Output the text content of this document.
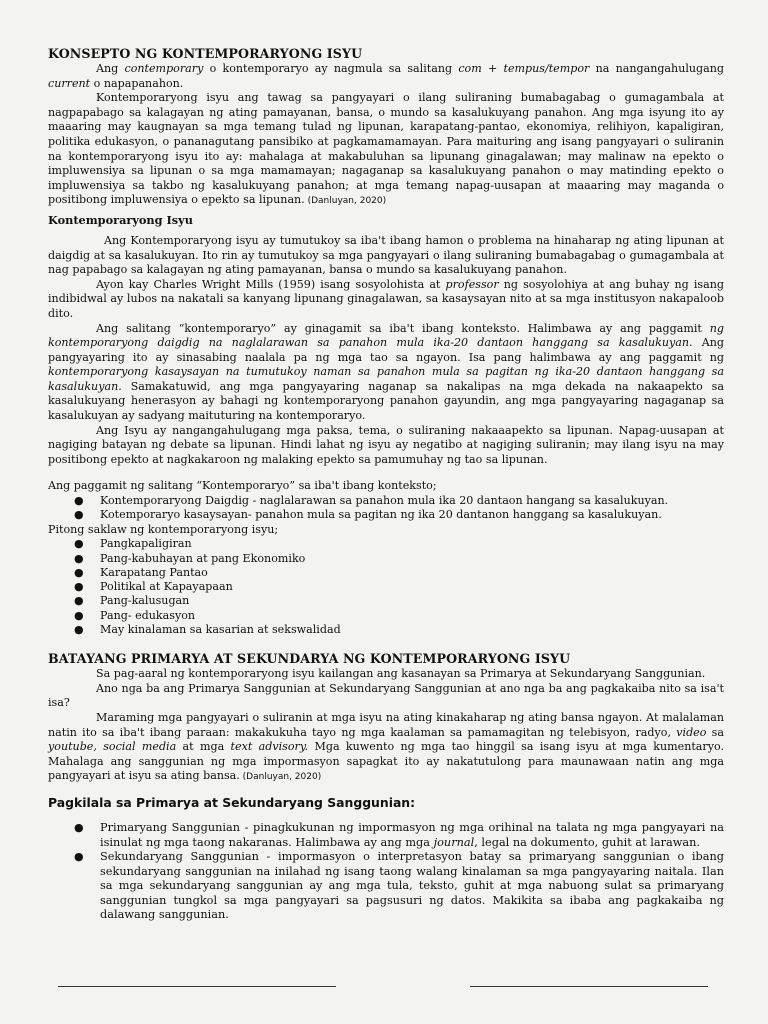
KONSEPTO NG KONTEMPORARYONG ISYU

Ang contemporary o kontemporaryo ay nagmula sa salitang com + tempus/tempor na nangangahulugang current o napapanahon.

Kontemporaryong isyu ang tawag sa pangyayari o ilang suliraning bumabagabag o gumagambala at nagpapabago sa kalagayan ng ating pamayanan, bansa, o mundo sa kasalukuyang panahon. Ang mga isyung ito ay maaaring may kaugnayan sa mga temang tulad ng lipunan, karapatang-pantao, ekonomiya, relihiyon, kapaligiran, politika edukasyon, o pananagutang pansibiko at pagkamamamayan. Para maituring ang isang pangyayari o suliranin na kontemporaryong isyu ito ay: mahalaga at makabuluhan sa lipunang ginagalawan; may malinaw na epekto o impluwensiya sa lipunan o sa mga mamamayan; nagaganap sa kasalukuyang panahon o may matinding epekto o impluwensiya sa takbo ng kasalukuyang panahon; at mga temang napag-uusapan at maaaring may maganda o positibong impluwensiya o epekto sa lipunan. (Danluyan, 2020)

Kontemporaryong Isyu

Ang Kontemporaryong isyu ay tumutukoy sa iba't ibang hamon o problema na hinaharap ng ating lipunan at daigdig at sa kasalukuyan. Ito rin ay tumutukoy sa mga pangyayari o ilang suliraning bumabagabag o gumagambala at nag papabago sa kalagayan ng ating pamayanan, bansa o mundo sa kasalukuyang panahon.

Ayon kay Charles Wright Mills (1959) isang sosyolohista at professor ng sosyolohiya at ang buhay ng isang indibidwal ay lubos na nakatali sa kanyang lipunang ginagalawan, sa kasaysayan nito at sa mga institusyon nakapaloob dito.

Ang salitang “kontemporaryo” ay ginagamit sa iba't ibang konteksto. Halimbawa ay ang paggamit ng kontemporaryong daigdig na naglalarawan sa panahon mula ika-20 dantaon hanggang sa kasalukuyan. Ang pangyayaring ito ay sinasabing naalala pa ng mga tao sa ngayon. Isa pang halimbawa ay ang paggamit ng kontemporaryong kasaysayan na tumutukoy naman sa panahon mula sa pagitan ng ika-20 dantaon hanggang sa kasalukuyan. Samakatuwid, ang mga pangyayaring naganap sa nakalipas na mga dekada na nakaapekto sa kasalukuyang henerasyon ay bahagi ng kontemporaryong panahon gayundin, ang mga pangyayaring nagaganap sa kasalukuyan ay sadyang maituturing na kontemporaryo.

Ang Isyu ay nangangahulugang mga paksa, tema, o suliraning nakaaapekto sa lipunan. Napag-uusapan at nagiging batayan ng debate sa lipunan. Hindi lahat ng isyu ay negatibo at nagiging suliranin; may ilang isyu na may positibong epekto at nagkakaroon ng malaking epekto sa pamumuhay ng tao sa lipunan.

Ang paggamit ng salitang “Kontemporaryo” sa iba't ibang konteksto;

● Kontemporaryong Daigdig - naglalarawan sa panahon mula ika 20 dantaon hangang sa kasalukuyan.
● Kotemporaryo kasaysayan- panahon mula sa pagitan ng ika 20 dantanon hanggang sa kasalukuyan.

Pitong saklaw ng kontemporaryong isyu;

● Pangkapaligiran
● Pang-kabuhayan at pang Ekonomiko
● Karapatang Pantao
● Politikal at Kapayapaan
● Pang-kalusugan
● Pang- edukasyon
● May kinalaman sa kasarian at sekswalidad
BATAYANG PRIMARYA AT SEKUNDARYA NG KONTEMPORARYONG ISYU

Sa pag-aaral ng kontemporaryong isyu kailangan ang kasanayan sa Primarya at Sekundaryang Sanggunian.

Ano nga ba ang Primarya Sanggunian at Sekundaryang Sanggunian at ano nga ba ang pagkakaiba nito sa isa't isa?

Maraming mga pangyayari o suliranin at mga isyu na ating kinakaharap ng ating bansa ngayon. At malalaman natin ito sa iba't ibang paraan: makakukuha tayo ng mga kaalaman sa pamamagitan ng telebisyon, radyo, video sa youtube, social media at mga text advisory. Mga kuwento ng mga tao hinggil sa isang isyu at mga kumentaryo. Mahalaga ang sanggunian ng mga impormasyon sapagkat ito ay nakatutulong para maunawaan natin ang mga pangyayari at isyu sa ating bansa. (Danluyan, 2020)

Pagkilala sa Primarya at Sekundaryang Sanggunian:
● Primaryang Sanggunian - pinagkukunan ng impormasyon ng mga orihinal na talata ng mga pangyayari na isinulat ng mga taong nakaranas. Halimbawa ay ang mga journal, legal na dokumento, guhit at larawan.
● Sekundaryang Sanggunian - impormasyon o interpretasyon batay sa primaryang sanggunian o ibang sekundaryang sanggunian na inilahad ng isang taong walang kinalaman sa mga pangyayaring naitala. Ilan sa mga sekundaryang sanggunian ay ang mga tula, teksto, guhit at mga nabuong sulat sa primaryang sanggunian tungkol sa mga pangyayari sa pagsusuri ng datos. Makikita sa ibaba ang pagkakaiba ng dalawang sanggunian.
